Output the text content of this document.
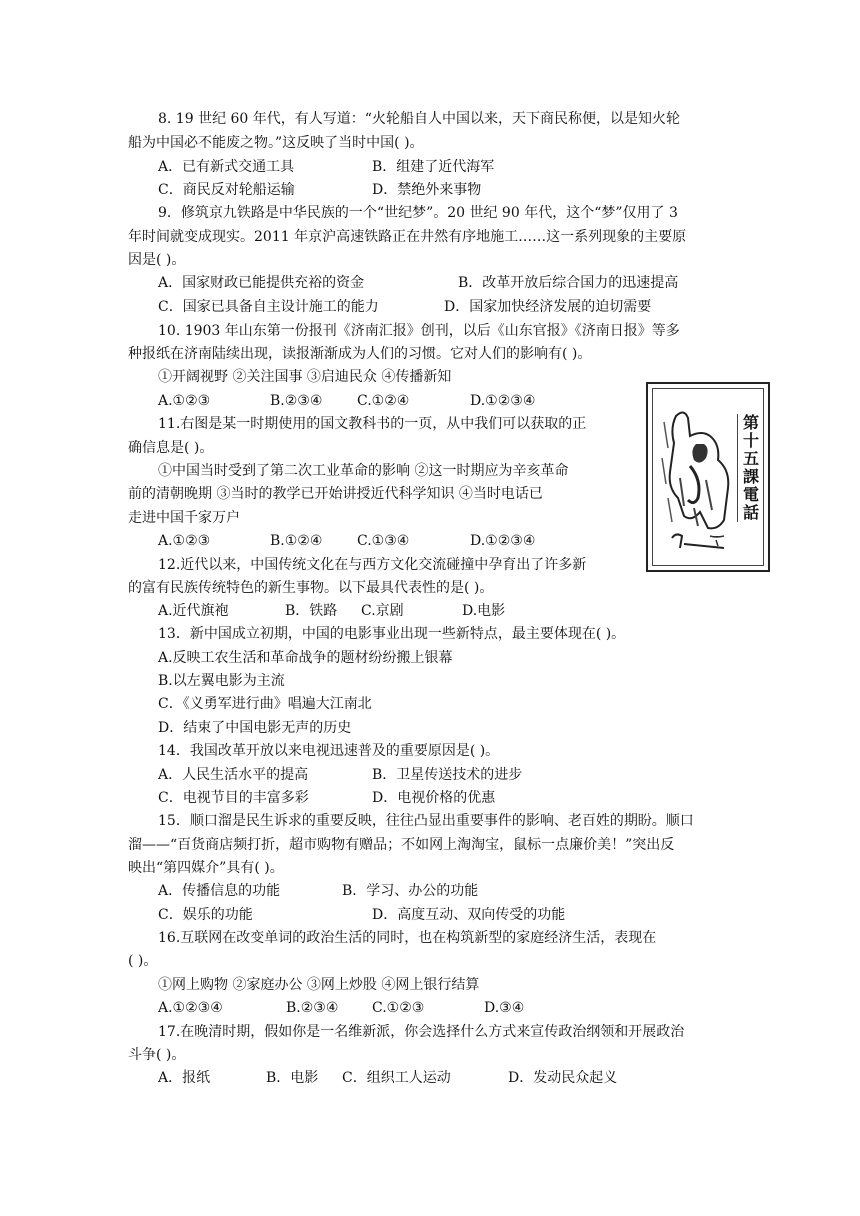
8. 19 世纪 60 年代，有人写道：“火轮船自人中国以来，天下商民称便，以是知火轮
船为中国必不能废之物。”这反映了当时中国( )。
A．已有新式交通工具	B．组建了近代海军
C．商民反对轮船运输	D．禁绝外来事物
9．修筑京九铁路是中华民族的一个“世纪梦”。20 世纪 90 年代，这个“梦”仅用了 3
年时间就变成现实。2011 年京沪高速铁路正在井然有序地施工……这一系列现象的主要原
因是( )。
A．国家财政已能提供充裕的资金	B．改革开放后综合国力的迅速提高
C．国家已具备自主设计施工的能力	D．国家加快经济发展的迫切需要
10. 1903 年山东第一份报刊《济南汇报》创刊，以后《山东官报》《济南日报》等多
种报纸在济南陆续出现，读报渐渐成为人们的习惯。它对人们的影响有( )。
①开阔视野 ②关注国事 ③启迪民众 ④传播新知
A.①②③	B.②③④ C.①②④	D.①②③④
11.右图是某一时期使用的国文教科书的一页，从中我们可以获取的正
确信息是( )。
①中国当时受到了第二次工业革命的影响 ②这一时期应为辛亥革命
前的清朝晚期 ③当时的教学已开始讲授近代科学知识 ④当时电话已
走进中国千家万户
A.①②③	B.①②④ C.①③④	D.①②③④
第十五課電話
12.近代以来，中国传统文化在与西方文化交流碰撞中孕育出了许多新
的富有民族传统特色的新生事物。以下最具代表性的是( )。
A.近代旗袍	B．铁路 C.京剧	D.电影
13．新中国成立初期，中国的电影事业出现一些新特点，最主要体现在( )。
A.反映工农生活和革命战争的题材纷纷搬上银幕
B.以左翼电影为主流
C．《义勇军进行曲》唱遍大江南北
D．结束了中国电影无声的历史
14．我国改革开放以来电视迅速普及的重要原因是( )。
A．人民生活水平的提高	B．卫星传送技术的进步
C．电视节目的丰富多彩	D．电视价格的优惠
15．顺口溜是民生诉求的重要反映，往往凸显出重要事件的影响、老百姓的期盼。顺口
溜——“百货商店频打折，超市购物有赠品；不如网上淘淘宝，鼠标一点廉价美！”突出反
映出“第四媒介”具有( )。
A．传播信息的功能	B．学习、办公的功能
C．娱乐的功能	D．高度互动、双向传受的功能
16.互联网在改变单词的政治生活的同时，也在构筑新型的家庭经济生活，表现在
( )。
①网上购物 ②家庭办公 ③网上炒股 ④网上银行结算
A.①②③④	B.②③④ C.①②③	D.③④
17.在晚清时期，假如你是一名维新派，你会选择什么方式来宣传政治纲领和开展政治
斗争( )。
A．报纸	B．电影 C．组织工人运动	D．发动民众起义
